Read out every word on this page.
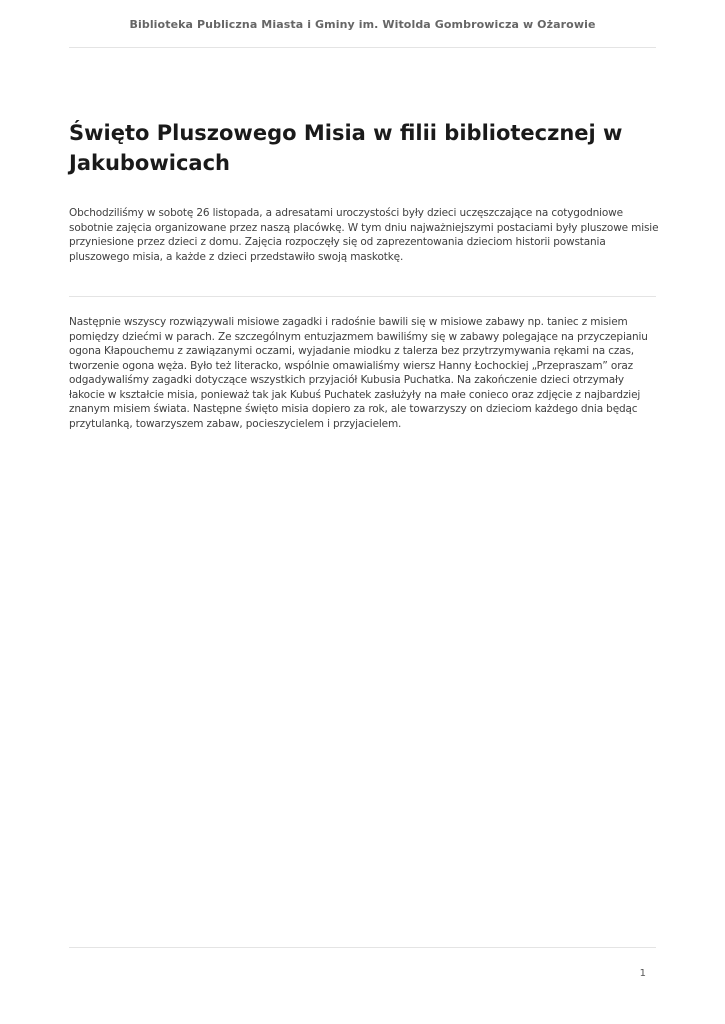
Biblioteka Publiczna Miasta i Gminy im. Witolda Gombrowicza w Ożarowie
Święto Pluszowego Misia w filii bibliotecznej w Jakubowicach

Obchodziliśmy w sobotę 26 listopada, a adresatami uroczystości były dzieci uczęszczające na cotygodniowe sobotnie zajęcia organizowane przez naszą placówkę. W tym dniu najważniejszymi postaciami były pluszowe misie przyniesione przez dzieci z domu. Zajęcia rozpoczęły się od zaprezentowania dzieciom historii powstania pluszowego misia, a każde z dzieci przedstawiło swoją maskotkę.

Następnie wszyscy rozwiązywali misiowe zagadki i radośnie bawili się w misiowe zabawy np. taniec z misiem pomiędzy dziećmi w parach. Ze szczególnym entuzjazmem bawiliśmy się w zabawy polegające na przyczepianiu ogona Kłapouchemu z zawiązanymi oczami, wyjadanie miodku z talerza bez przytrzymywania rękami na czas, tworzenie ogona węża. Było też literacko, wspólnie omawialiśmy wiersz Hanny Łochockiej „Przepraszam” oraz odgadywaliśmy zagadki dotyczące wszystkich przyjaciół Kubusia Puchatka. Na zakończenie dzieci otrzymały łakocie w kształcie misia, ponieważ tak jak Kubuś Puchatek zasłużyły na małe conieco oraz zdjęcie z najbardziej znanym misiem świata. Następne święto misia dopiero za rok, ale towarzyszy on dzieciom każdego dnia będąc przytulanką, towarzyszem zabaw, pocieszycielem i przyjacielem.

1
